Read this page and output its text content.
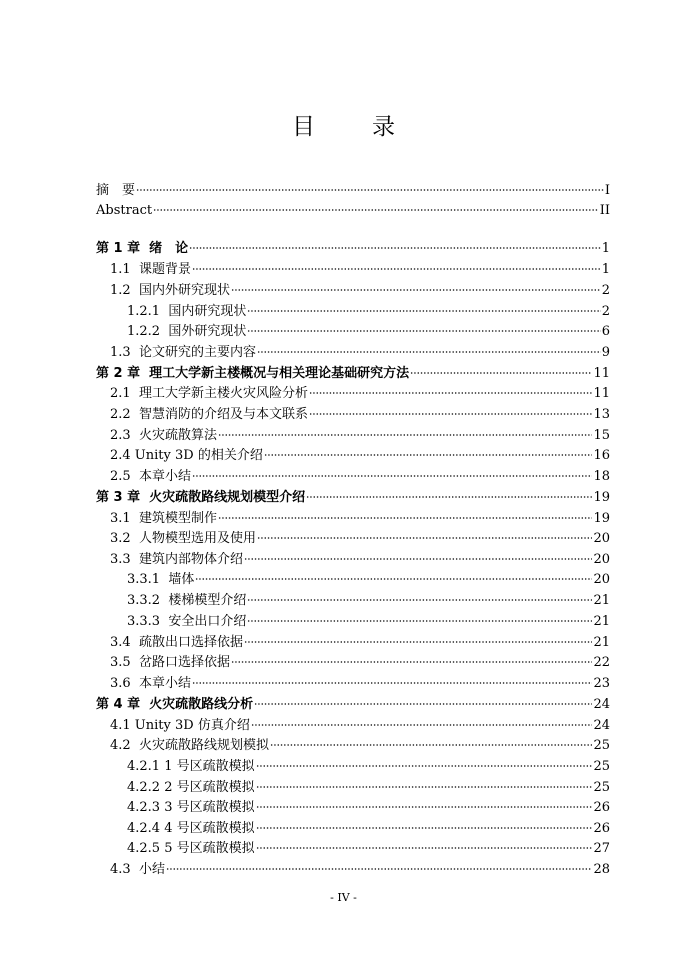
目　录
摘　要	I
Abstract	II
第 1 章  绪　论	1
1.1  课题背景	1
1.2  国内外研究现状	2
1.2.1  国内研究现状	2
1.2.2  国外研究现状	6
1.3  论文研究的主要内容	9
第 2 章  理工大学新主楼概况与相关理论基础研究方法	11
2.1  理工大学新主楼火灾风险分析	11
2.2  智慧消防的介绍及与本文联系	13
2.3  火灾疏散算法	15
2.4 Unity 3D 的相关介绍	16
2.5  本章小结	18
第 3 章  火灾疏散路线规划模型介绍	19
3.1  建筑模型制作	19
3.2  人物模型选用及使用	20
3.3  建筑内部物体介绍	20
3.3.1  墙体	20
3.3.2  楼梯模型介绍	21
3.3.3  安全出口介绍	21
3.4  疏散出口选择依据	21
3.5  岔路口选择依据	22
3.6  本章小结	23
第 4 章  火灾疏散路线分析	24
4.1 Unity 3D 仿真介绍	24
4.2  火灾疏散路线规划模拟	25
4.2.1 1 号区疏散模拟	25
4.2.2 2 号区疏散模拟	25
4.2.3 3 号区疏散模拟	26
4.2.4 4 号区疏散模拟	26
4.2.5 5 号区疏散模拟	27
4.3  小结	28
- IV -
